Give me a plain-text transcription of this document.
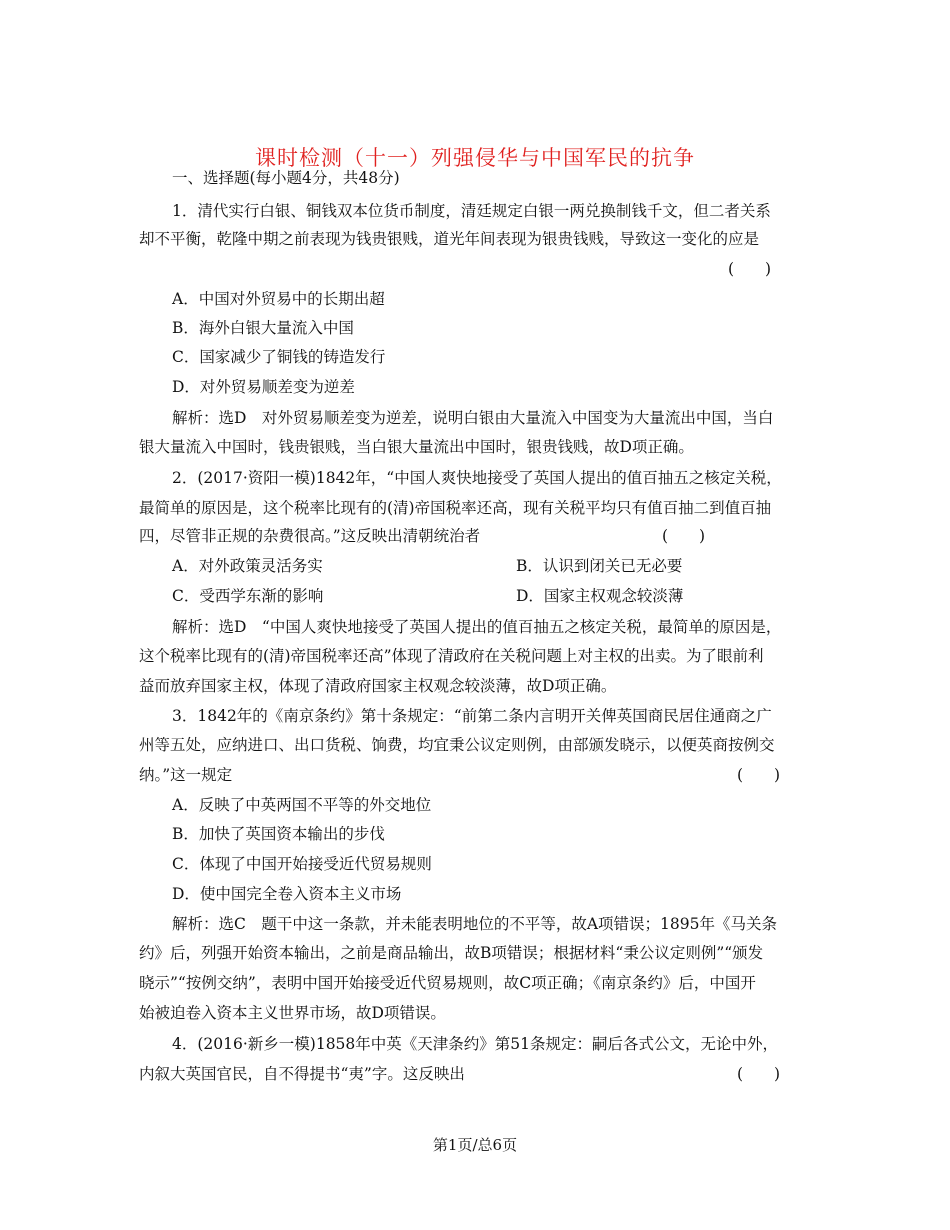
课时检测（十一）列强侵华与中国军民的抗争
一、选择题(每小题4分，共48分)
1．清代实行白银、铜钱双本位货币制度，清廷规定白银一两兑换制钱千文，但二者关系
却不平衡，乾隆中期之前表现为钱贵银贱，道光年间表现为银贵钱贱，导致这一变化的应是
(　　)
A．中国对外贸易中的长期出超
B．海外白银大量流入中国
C．国家减少了铜钱的铸造发行
D．对外贸易顺差变为逆差
解析：选D　对外贸易顺差变为逆差，说明白银由大量流入中国变为大量流出中国，当白
银大量流入中国时，钱贵银贱，当白银大量流出中国时，银贵钱贱，故D项正确。
2．(2017·资阳一模)1842年，“中国人爽快地接受了英国人提出的值百抽五之核定关税，
最简单的原因是，这个税率比现有的(清)帝国税率还高，现有关税平均只有值百抽二到值百抽
四，尽管非正规的杂费很高。”这反映出清朝统治者	(　　)
A．对外政策灵活务实	B．认识到闭关已无必要
C．受西学东渐的影响	D．国家主权观念较淡薄
解析：选D　“中国人爽快地接受了英国人提出的值百抽五之核定关税，最简单的原因是，
这个税率比现有的(清)帝国税率还高”体现了清政府在关税问题上对主权的出卖。为了眼前利
益而放弃国家主权，体现了清政府国家主权观念较淡薄，故D项正确。
3．1842年的《南京条约》第十条规定：“前第二条内言明开关俾英国商民居住通商之广
州等五处，应纳进口、出口货税、饷费，均宜秉公议定则例，由部颁发晓示，以便英商按例交
纳。”这一规定	(　　)
A．反映了中英两国不平等的外交地位
B．加快了英国资本输出的步伐
C．体现了中国开始接受近代贸易规则
D．使中国完全卷入资本主义市场
解析：选C　题干中这一条款，并未能表明地位的不平等，故A项错误；1895年《马关条
约》后，列强开始资本输出，之前是商品输出，故B项错误；根据材料“秉公议定则例”“颁发
晓示”“按例交纳”，表明中国开始接受近代贸易规则，故C项正确；《南京条约》后，中国开
始被迫卷入资本主义世界市场，故D项错误。
4．(2016·新乡一模)1858年中英《天津条约》第51条规定：嗣后各式公文，无论中外，
内叙大英国官民，自不得提书“夷”字。这反映出	(　　)
第1页/总6页
